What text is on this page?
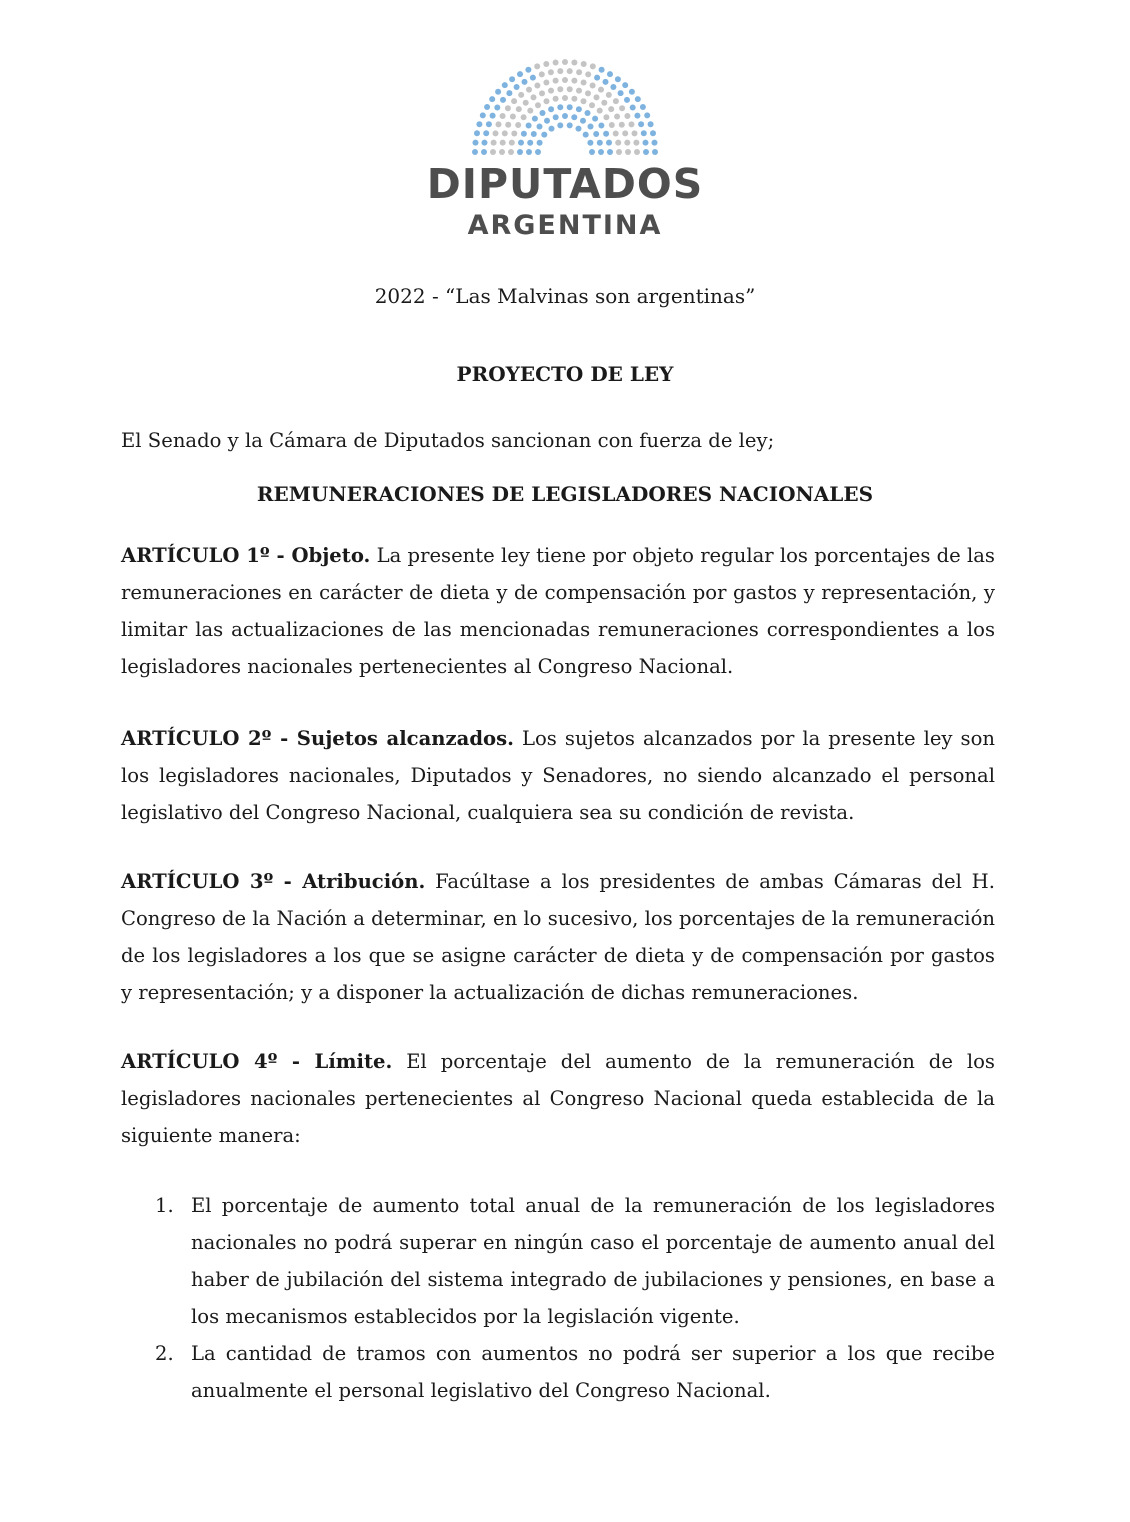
DIPUTADOS
ARGENTINA
2022 - “Las Malvinas son argentinas”
PROYECTO DE LEY

El Senado y la Cámara de Diputados sancionan con fuerza de ley;

REMUNERACIONES DE LEGISLADORES NACIONALES

ARTÍCULO 1º - Objeto. La presente ley tiene por objeto regular los porcentajes de las remuneraciones en carácter de dieta y de compensación por gastos y representación, y limitar las actualizaciones de las mencionadas remuneraciones correspondientes a los legisladores nacionales pertenecientes al Congreso Nacional.

ARTÍCULO 2º - Sujetos alcanzados. Los sujetos alcanzados por la presente ley son los legisladores nacionales, Diputados y Senadores, no siendo alcanzado el personal legislativo del Congreso Nacional, cualquiera sea su condición de revista.

ARTÍCULO 3º - Atribución. Facúltase a los presidentes de ambas Cámaras del H. Congreso de la Nación a determinar, en lo sucesivo, los porcentajes de la remuneración de los legisladores a los que se asigne carácter de dieta y de compensación por gastos y representación; y a disponer la actualización de dichas remuneraciones.

ARTÍCULO 4º - Límite. El porcentaje del aumento de la remuneración de los legisladores nacionales pertenecientes al Congreso Nacional queda establecida de la siguiente manera:

1. El porcentaje de aumento total anual de la remuneración de los legisladores nacionales no podrá superar en ningún caso el porcentaje de aumento anual del haber de jubilación del sistema integrado de jubilaciones y pensiones, en base a los mecanismos establecidos por la legislación vigente.
2. La cantidad de tramos con aumentos no podrá ser superior a los que recibe anualmente el personal legislativo del Congreso Nacional.
